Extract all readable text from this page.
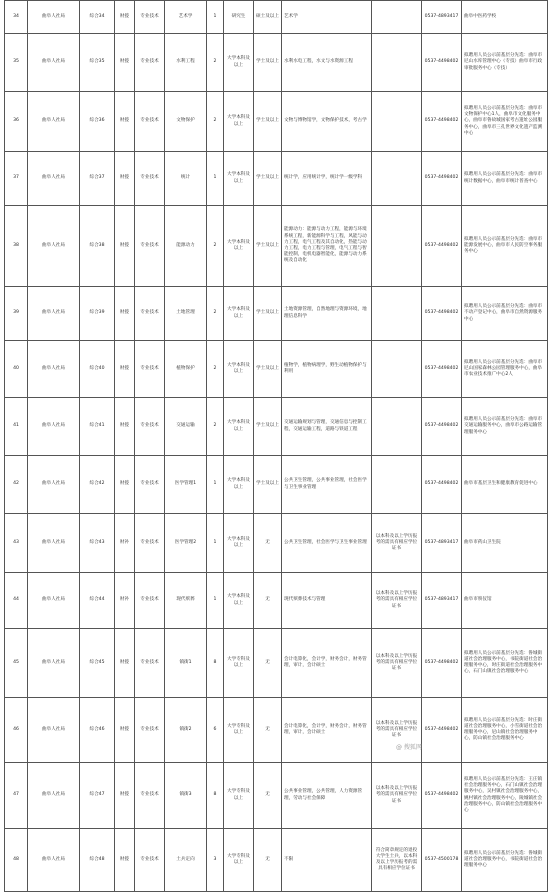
34	曲阜人社局	综合34	财拨	专业技术	艺术学	1	研究生	硕士及以上	艺术学		0537-4893417	曲阜中医药学校
35	曲阜人社局	综合35	财拨	专业技术	水利工程	2	大学本科及以上	学士及以上	水利水电工程，水文与水资源工程		0537-4498402	拟聘用人员公示前基层分先选：曲阜市尼山水库管理中心（专技）曲阜市行政审批服务中心（专技）
36	曲阜人社局	综合36	财拨	专业技术	文物保护	2	大学本科及以上	学士及以上	文物与博物馆学，文物保护技术，考古学		0537-4498402	拟聘用人员公示前基层分先选：曲阜市文物保护中心1人，曲阜市文化服务中心，曲阜市鲁故城国家考古遗址公园服务中心，曲阜市三孔世界文化遗产监测中心
37	曲阜人社局	综合37	财拨	专业技术	统计	1	大学本科及以上	学士及以上	统计学，应用统计学，统计学一级学科		0537-4498402	拟聘用人员公示前基层分先选：曲阜市统计数据中心，曲阜市统计普查中心
38	曲阜人社局	综合38	财拨	专业技术	能源动力	2	大学本科及以上	学士及以上	能源动力：能源与动力工程，能源与环境系统工程，新能源科学与工程，风能与动力工程，电气工程及其自动化，热能与动力工程，电力工程与管理，电气工程与智能控制，电机电器智能化，能源与动力系统及自动化		0537-4498402	拟聘用人员公示前基层分先选：曲阜市能源发展中心，曲阜市人民防空事务服务中心
39	曲阜人社局	综合39	财拨	专业技术	土地管理	2	大学本科及以上	学士及以上	土地资源管理，自然地理与资源环境，地理信息科学		0537-4498402	拟聘用人员公示前基层分先选：曲阜市不动产登记中心，曲阜市自然资源服务中心
40	曲阜人社局	综合40	财拨	专业技术	植物保护	2	大学本科及以上	学士及以上	植物学，植物病理学，野生动植物保护与利用		0537-4498402	拟聘用人员公示前基层分先选：曲阜市尼山国家森林公园管理服务中心，曲阜市农业技术推广中心2人
41	曲阜人社局	综合41	财拨	专业技术	交通运输	2	大学本科及以上	学士及以上	交通运输规划与管理，交通信息与控制工程，交通运输工程，道路与铁道工程		0537-4498402	拟聘用人员公示前基层分先选：曲阜市交通运输服务中心，曲阜市公路运输管理服务中心
42	曲阜人社局	综合42	财拨	专业技术	医学管理1	1	大学本科及以上	学士及以上	公共卫生管理，公共事业管理，社会医学与卫生事业管理		0537-4498402	曲阜市基层卫生和健康教育促进中心
43	曲阜人社局	综合43	财补	专业技术	医学管理2	1	大学本科及以上	无	公共卫生管理，社会医学与卫生事业管理	以本科及以上学历报考的需具有相应学位证书	0537-4893417	曲阜市药山卫生院
44	曲阜人社局	综合44	财补	专业技术	现代殡葬	1	大学本科及以上	无	现代殡葬技术与管理	以本科及以上学历报考的需具有相应学位证书	0537-4893417	曲阜市殡仪馆
45	曲阜人社局	综合45	财拨	专业技术	镇街1	8	大学专科及以上	无	会计电算化，会计学，财务会计，财务管理，审计，会计硕士	以本科及以上学历报考的需具有相应学位证书	0537-4498402	拟聘用人员公示前基层分先选：鲁城街道社会治理服务中心，书院街道社会治理服务中心，时庄街道社会治理服务中心，石门山镇社会治理服务中心
46	曲阜人社局	综合46	财拨	专业技术	镇街2	6	大学专科及以上	无	会计电算化，会计学，财务会计，财务管理，审计，会计硕士	以本科及以上学历报考的需具有相应学位证书	0537-4498402	拟聘用人员公示前基层分先选：时庄街道社会治理服务中心，小雪街道社会治理服务中心，尼山镇社会治理服务中心，防山镇社会治理服务中心
47	曲阜人社局	综合47	财拨	专业技术	镇街3	8	大学专科及以上	无	公共事业管理，公共管理，人力资源管理，劳动与社会保障	以本科及以上学历报考的需具有相应学位证书	0537-4498402	拟聘用人员公示前基层分先选：王庄镇社会治理服务中心，石门山镇社会治理服务中心，吴村镇社会治理服务中心，姚村镇社会治理服务中心，陵城镇社会治理服务中心，防山镇社会治理服务中心
48	曲阜人社局	综合48	财拨	专业技术	土兵定向	3	大学专科及以上	无	不限	符合简章规定的退役大学生士兵，以本科及以上学历报考的需具有相应学位证书	0537-4500178	拟聘用人员公示前基层分先选：鲁城街道社会治理服务中心，书院街道社会治理服务中心
@ 搜狐网
